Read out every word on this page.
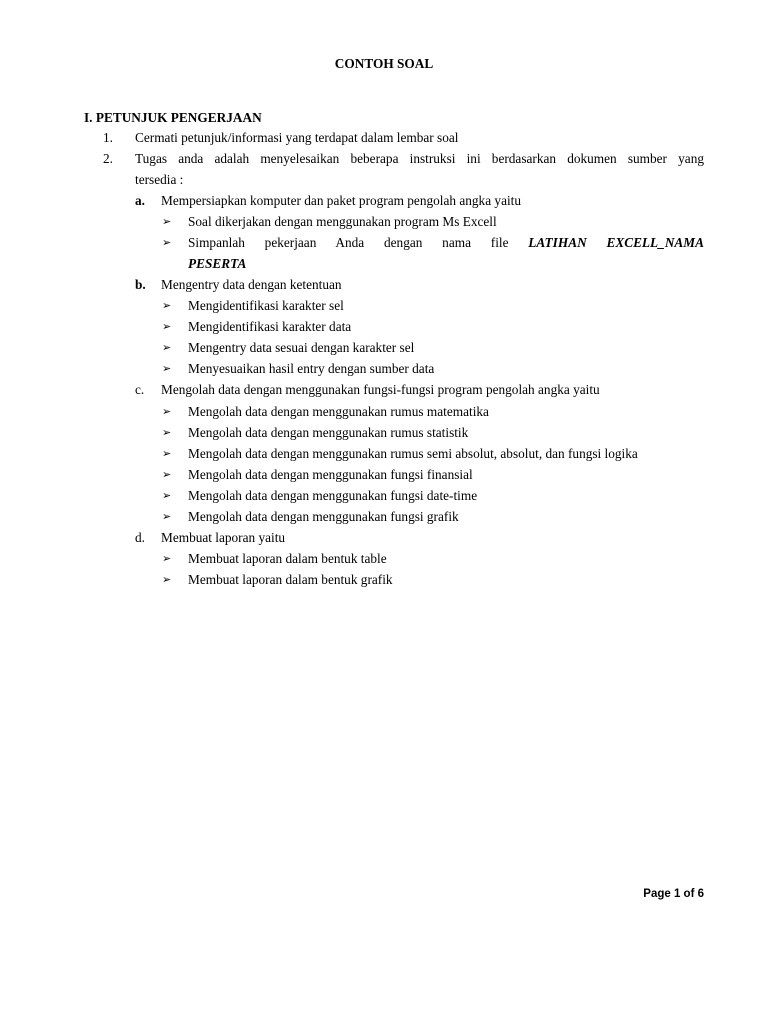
CONTOH SOAL
I. PETUNJUK PENGERJAAN
1. Cermati petunjuk/informasi yang terdapat dalam lembar soal
2. Tugas anda adalah menyelesaikan beberapa instruksi ini berdasarkan dokumen sumber yang
tersedia :
a. Mempersiapkan komputer dan paket program pengolah angka yaitu
➢ Soal dikerjakan dengan menggunakan program Ms Excell
➢ Simpanlah pekerjaan Anda dengan nama file LATIHAN EXCELL_NAMA
PESERTA
b. Mengentry data dengan ketentuan
➢ Mengidentifikasi karakter sel
➢ Mengidentifikasi karakter data
➢ Mengentry data sesuai dengan karakter sel
➢ Menyesuaikan hasil entry dengan sumber data
c. Mengolah data dengan menggunakan fungsi-fungsi program pengolah angka yaitu
➢ Mengolah data dengan menggunakan rumus matematika
➢ Mengolah data dengan menggunakan rumus statistik
➢ Mengolah data dengan menggunakan rumus semi absolut, absolut, dan fungsi logika
➢ Mengolah data dengan menggunakan fungsi finansial
➢ Mengolah data dengan menggunakan fungsi date-time
➢ Mengolah data dengan menggunakan fungsi grafik
d. Membuat laporan yaitu
➢ Membuat laporan dalam bentuk table
➢ Membuat laporan dalam bentuk grafik
Page 1 of 6
